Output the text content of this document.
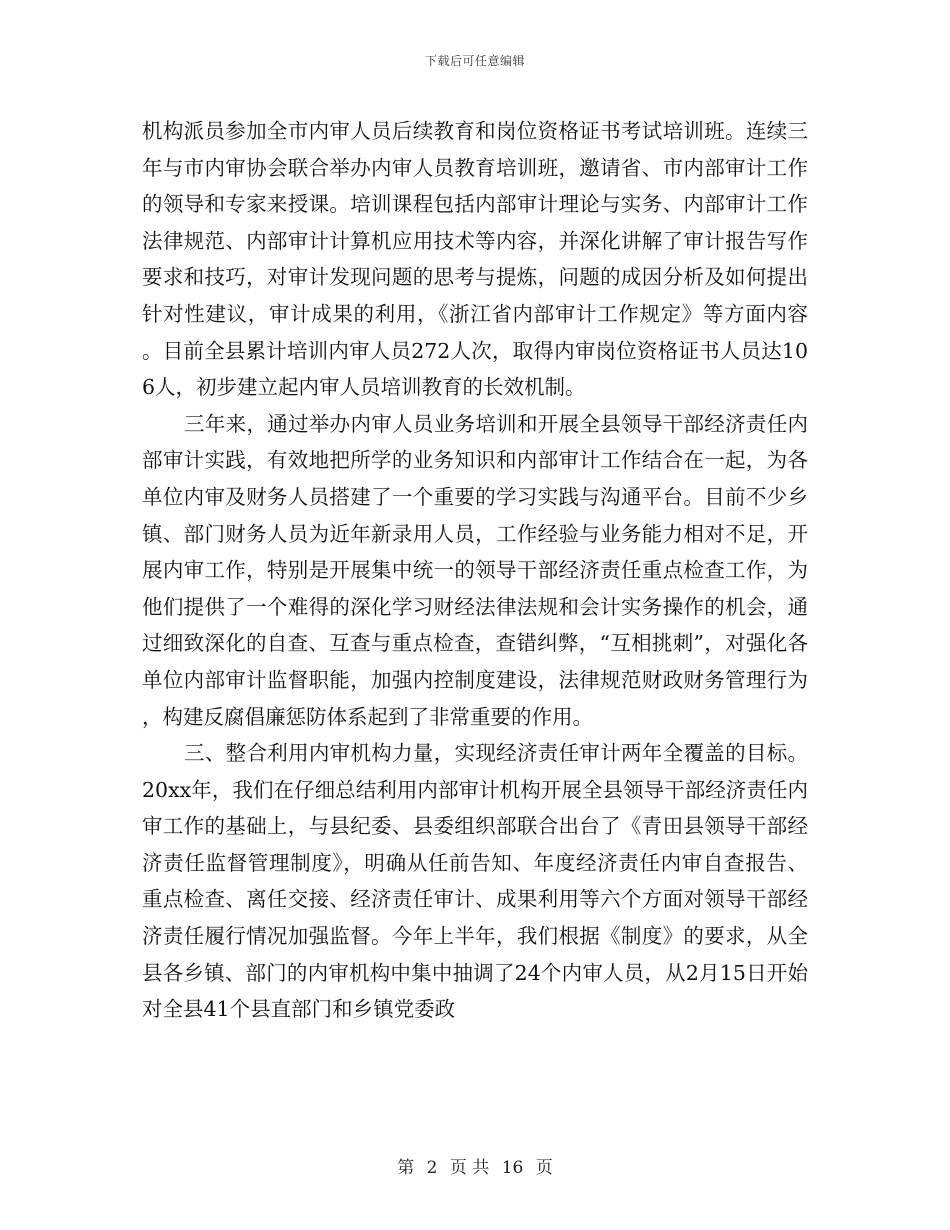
下载后可任意编辑

机构派员参加全市内审人员后续教育和岗位资格证书考试培训班。连续三年与市内审协会联合举办内审人员教育培训班，邀请省、市内部审计工作的领导和专家来授课。培训课程包括内部审计理论与实务、内部审计工作法律规范、内部审计计算机应用技术等内容，并深化讲解了审计报告写作要求和技巧，对审计发现问题的思考与提炼，问题的成因分析及如何提出针对性建议，审计成果的利用，《浙江省内部审计工作规定》等方面内容。目前全县累计培训内审人员272人次，取得内审岗位资格证书人员达106人，初步建立起内审人员培训教育的长效机制。

三年来，通过举办内审人员业务培训和开展全县领导干部经济责任内部审计实践，有效地把所学的业务知识和内部审计工作结合在一起，为各单位内审及财务人员搭建了一个重要的学习实践与沟通平台。目前不少乡镇、部门财务人员为近年新录用人员，工作经验与业务能力相对不足，开展内审工作，特别是开展集中统一的领导干部经济责任重点检查工作，为他们提供了一个难得的深化学习财经法律法规和会计实务操作的机会，通过细致深化的自查、互查与重点检查，查错纠弊，“互相挑刺”，对强化各单位内部审计监督职能，加强内控制度建设，法律规范财政财务管理行为，构建反腐倡廉惩防体系起到了非常重要的作用。

三、整合利用内审机构力量，实现经济责任审计两年全覆盖的目标。20xx年，我们在仔细总结利用内部审计机构开展全县领导干部经济责任内审工作的基础上，与县纪委、县委组织部联合出台了《青田县领导干部经济责任监督管理制度》，明确从任前告知、年度经济责任内审自查报告、重点检查、离任交接、经济责任审计、成果利用等六个方面对领导干部经济责任履行情况加强监督。今年上半年，我们根据《制度》的要求，从全县各乡镇、部门的内审机构中集中抽调了24个内审人员，从2月15日开始对全县41个县直部门和乡镇党委政

第 2 页 共 16 页
